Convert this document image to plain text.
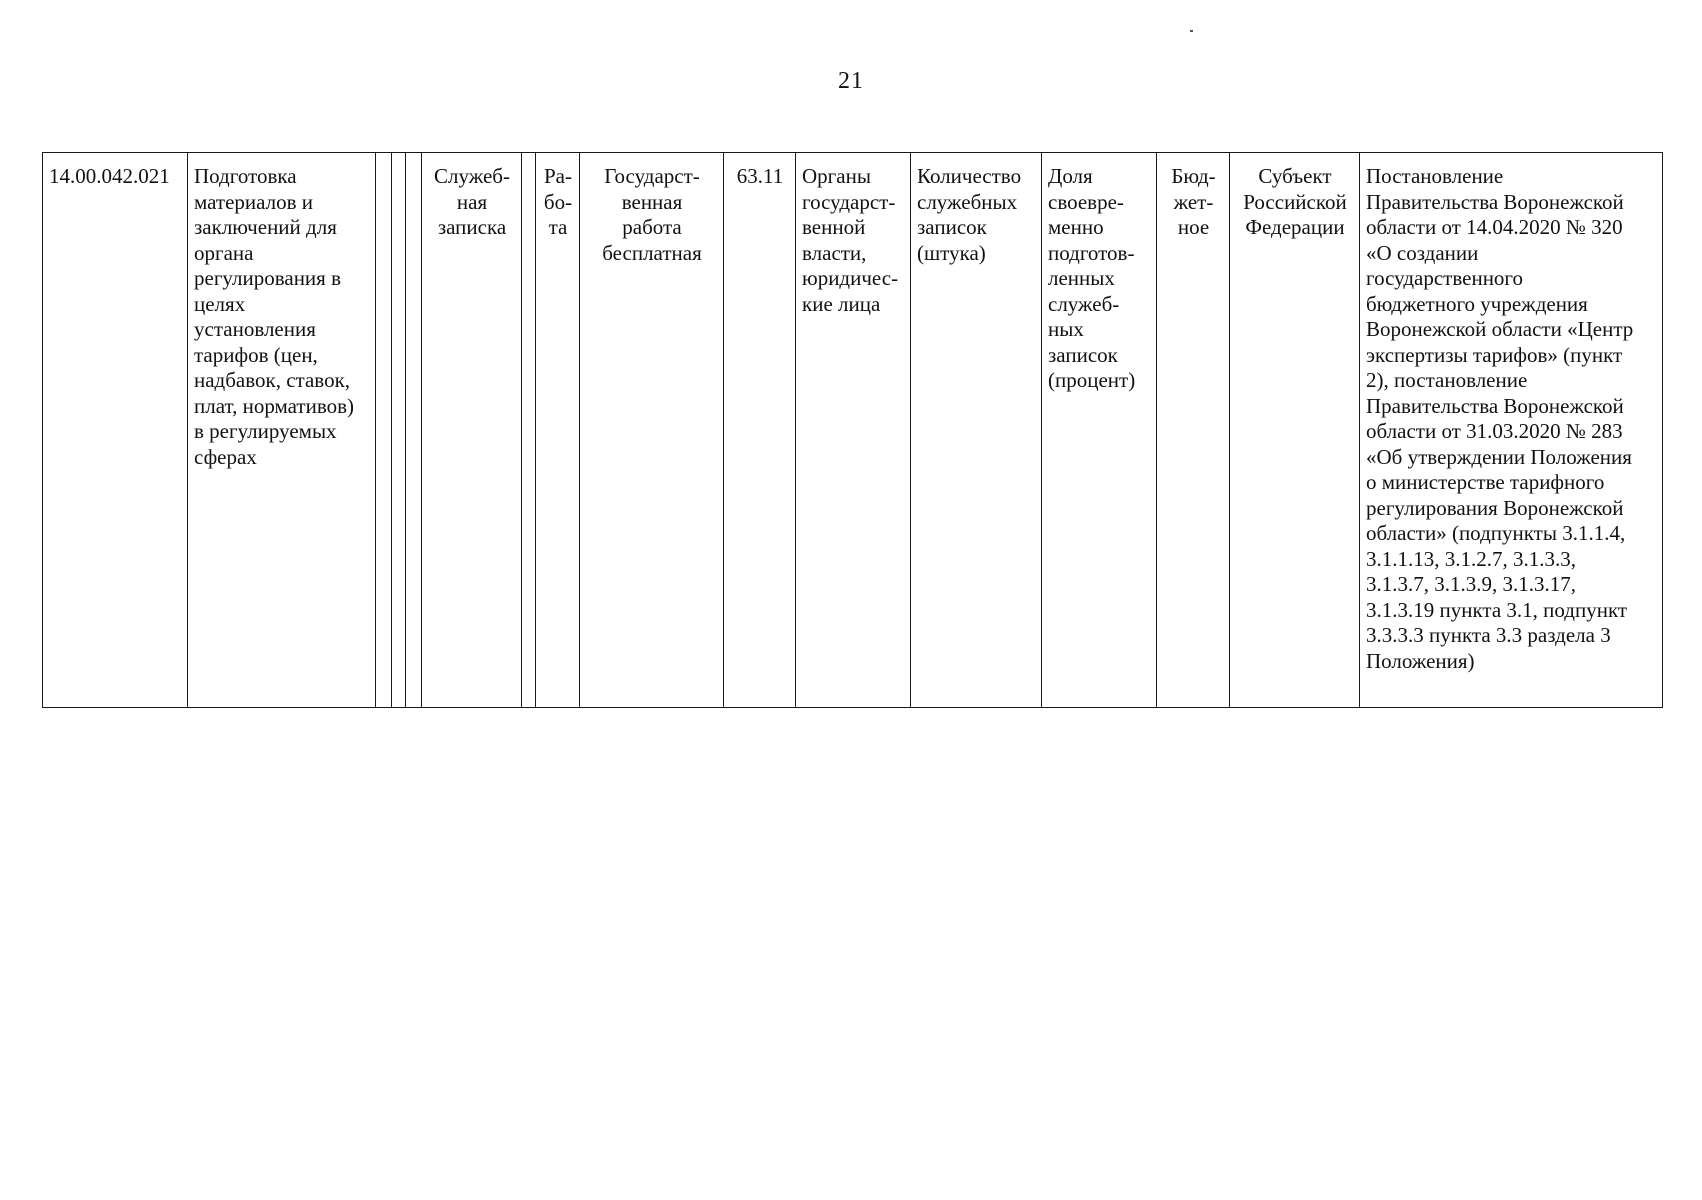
21
14.00.042.021	Подготовка
материалов и
заключений для
органа
регулирования в
целях
установления
тарифов (цен,
надбавок, ставок,
плат, нормативов)
в регулируемых
сферах				Служеб-
ная
записка		Ра-
бо-
та	Государст-
венная
работа
бесплатная	63.11	Органы
государст-
венной
власти,
юридичес-
кие лица	Количество
служебных
записок
(штука)	Доля
своевре-
менно
подготов-
ленных
служеб-
ных
записок
(процент)	Бюд-
жет-
ное	Субъект
Российской
Федерации	Постановление
Правительства Воронежской
области от 14.04.2020 № 320
«О создании
государственного
бюджетного учреждения
Воронежской области «Центр
экспертизы тарифов» (пункт
2), постановление
Правительства Воронежской
области от 31.03.2020 № 283
«Об утверждении Положения
о министерстве тарифного
регулирования Воронежской
области» (подпункты 3.1.1.4,
3.1.1.13, 3.1.2.7, 3.1.3.3,
3.1.3.7, 3.1.3.9, 3.1.3.17,
3.1.3.19 пункта 3.1, подпункт
3.3.3.3 пункта 3.3 раздела 3
Положения)
